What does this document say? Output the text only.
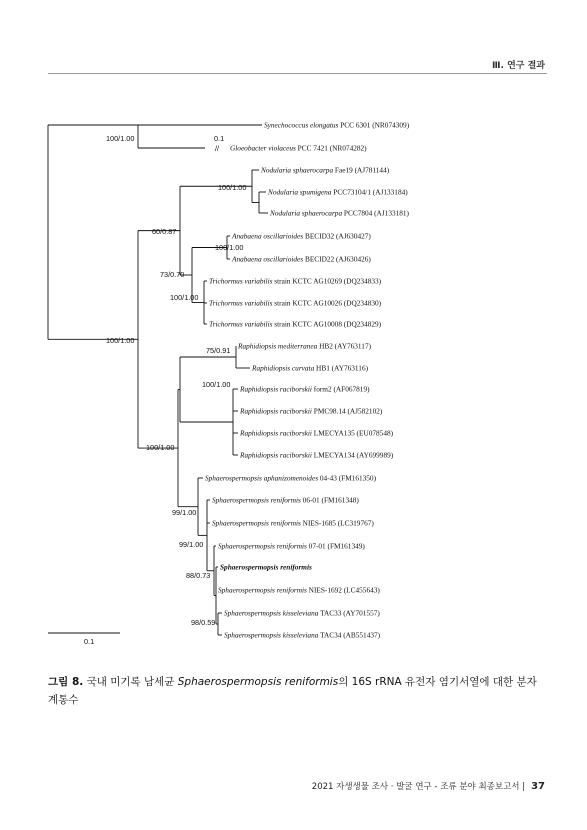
Ⅲ. 연구 결과
Synechococcus elongatus PCC 6301 (NR074309)
Gloeobacter violaceus PCC 7421 (NR074282)
Nodularia sphaerocarpa Fae19 (AJ781144)
Nodularia spumigena PCC73104/1 (AJ133184)
Nodularia sphaerocarpa PCC7804 (AJ133181)
Anabaena oscillarioides BECID32 (AJ630427)
Anabaena oscillarioides BECID22 (AJ630426)
Trichormus variabilis strain KCTC AG10269 (DQ234833)
Trichormus variabilis strain KCTC AG10026 (DQ234830)
Trichormus variabilis strain KCTC AG10008 (DQ234829)
Raphidiopsis mediterranea HB2 (AY763117)
Raphidiopsis curvata HB1 (AY763116)
Raphidiopsis raciborskii form2 (AF067819)
Raphidiopsis raciborskii PMC98.14 (AJ582102)
Raphidiopsis raciborskii LMECYA135 (EU078548)
Raphidiopsis raciborskii LMECYA134 (AY699989)
Sphaerospermopsis aphanizomenoides 04-43 (FM161350)
Sphaerospermopsis reniformis 06-01 (FM161348)
Sphaerospermopsis reniformis NIES-1685 (LC319767)
Sphaerospermopsis reniformis 07-01 (FM161349)
Sphaerospermopsis reniformis
Sphaerospermopsis reniformis NIES-1692 (LC455643)
Sphaerospermopsis kisseleviana TAC33 (AY701557)
Sphaerospermopsis kisseleviana TAC34 (AB551437)
//
100/1.00	0.1
100/1.00
60/0.87
100/1.00
73/0.70
100/1.00
100/1.00
100/1.00
75/0.91
100/1.00
99/1.00
99/1.00
88/0.73
98/0.59
0.1
그림 8. 국내 미기록 남세균 Sphaerospermopsis reniformis의 16S rRNA 유전자 염기서열에 대한 분자 계통수
2021 자생생물 조사 · 발굴 연구 - 조류 분야 최종보고서 | 37
